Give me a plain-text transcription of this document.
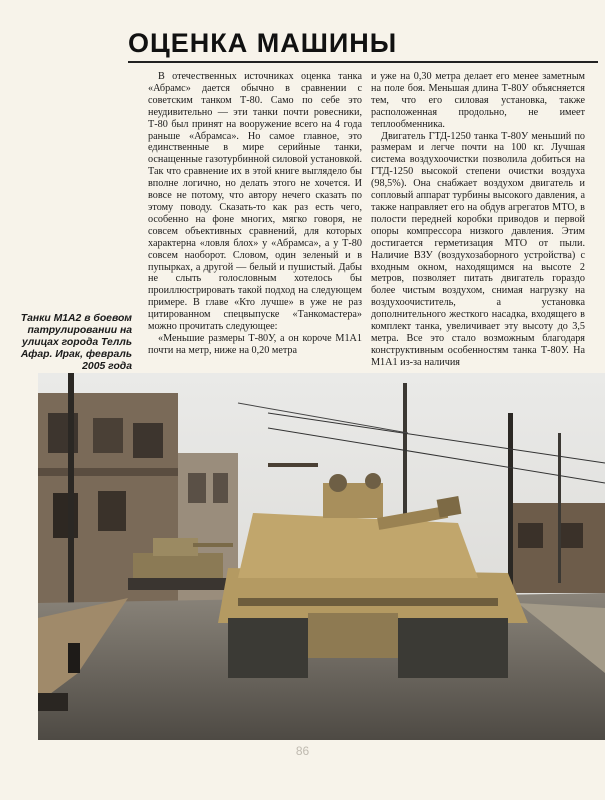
ОЦЕНКА МАШИНЫ

В отечественных источниках оценка танка «Абрамс» дается обычно в сравнении с советским танком Т-80. Само по себе это неудивительно — эти танки почти ровесники, Т-80 был принят на вооружение всего на 4 года раньше «Абрамса». Но самое главное, это единственные в мире серийные танки, оснащенные газотурбинной силовой установкой. Так что сравнение их в этой книге выглядело бы вполне логично, но делать этого не хочется. И вовсе не потому, что автору нечего сказать по этому поводу. Сказать-то как раз есть чего, особенно на фоне многих, мягко говоря, не совсем объективных сравнений, для которых характерна «ловля блох» у «Абрамса», а у Т-80 совсем наоборот. Словом, один зеленый и в пупырках, а другой — белый и пушистый. Дабы не слыть голословным хотелось бы проиллюстрировать такой подход на следующем примере. В главе «Кто лучше» в уже не раз цитированном спецвыпуске «Танкомастера» можно прочитать следующее:

«Меньшие размеры Т-80У, а он короче М1А1 почти на метр, ниже на 0,20 метра

и уже на 0,30 метра делает его менее заметным на поле боя. Меньшая длина Т-80У объясняется тем, что его силовая установка, также расположенная продольно, не имеет теплообменника.

Двигатель ГТД-1250 танка Т-80У меньший по размерам и легче почти на 100 кг. Лучшая система воздухоочистки позволила добиться на ГТД-1250 высокой степени очистки воздуха (98,5%). Она снабжает воздухом двигатель и сопловый аппарат турбины высокого давления, а также направляет его на обдув агрегатов МТО, в полости передней коробки приводов и первой опоры компрессора низкого давления. Этим достигается герметизация МТО от пыли. Наличие ВЗУ (воздухозаборного устройства) с входным окном, находящимся на высоте 2 метров, позволяет питать двигатель гораздо более чистым воздухом, снимая нагрузку на воздухоочиститель, а установка дополнительного жесткого насадка, входящего в комплект танка, увеличивает эту высоту до 3,5 метра. Все это стало возможным благодаря конструктивным особенностям танка Т-80У. На М1А1 из-за наличия

Танки M1A2 в боевом патрулировании на улицах города Телль Афар. Ирак, февраль 2005 года
86
